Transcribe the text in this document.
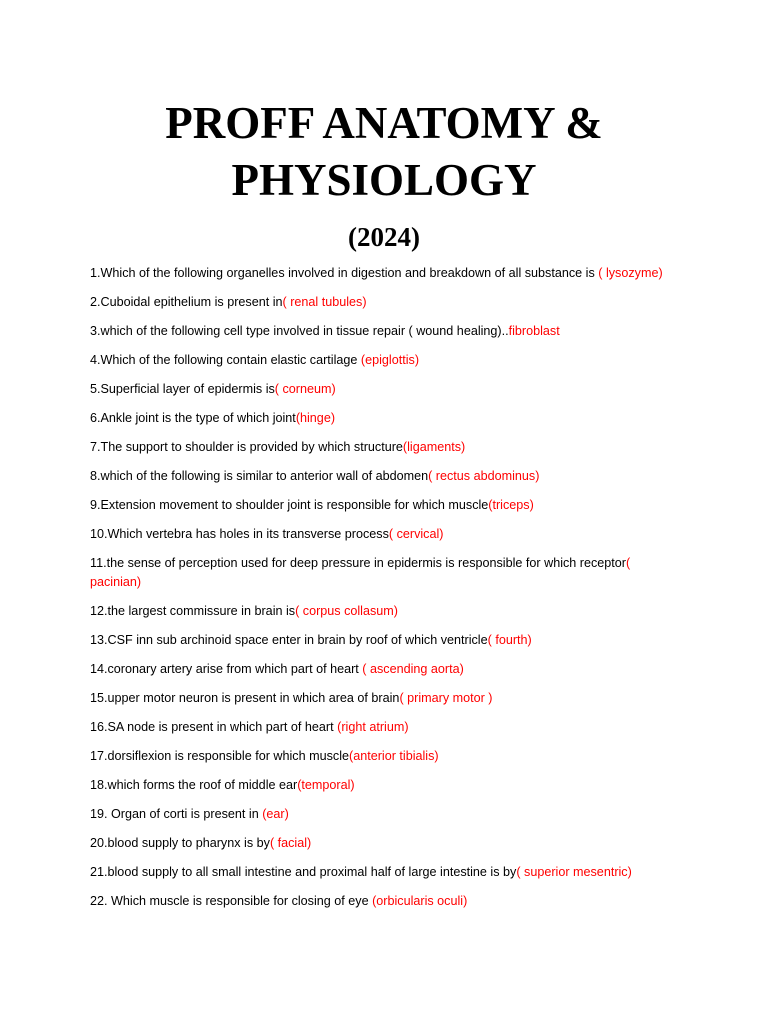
PROFF ANATOMY &
PHYSIOLOGY
(2024)
1.Which of the following organelles involved in digestion and breakdown of all substance is ( lysozyme)
2.Cuboidal epithelium is present in( renal tubules)
3.which of the following cell type involved in tissue repair ( wound healing)..fibroblast
4.Which of the following contain elastic cartilage (epiglottis)
5.Superficial layer of epidermis is( corneum)
6.Ankle joint is the type of which joint(hinge)
7.The support to shoulder is provided by which structure(ligaments)
8.which of the following is similar to anterior wall of abdomen( rectus abdominus)
9.Extension movement to shoulder joint is responsible for which muscle(triceps)
10.Which vertebra has holes in its transverse process( cervical)
11.the sense of perception used for deep pressure in epidermis is responsible for which receptor( pacinian)
12.the largest commissure in brain is( corpus collasum)
13.CSF inn sub archinoid space enter in brain by roof of which ventricle( fourth)
14.coronary artery arise from which part of heart ( ascending aorta)
15.upper motor neuron is present in which area of brain( primary motor )
16.SA node is present in which part of heart (right atrium)
17.dorsiflexion is responsible for which muscle(anterior tibialis)
18.which forms the roof of middle ear(temporal)
19. Organ of corti is present in (ear)
20.blood supply to pharynx is by( facial)
21.blood supply to all small intestine and proximal half of large intestine is by( superior mesentric)
22. Which muscle is responsible for closing of eye (orbicularis oculi)
